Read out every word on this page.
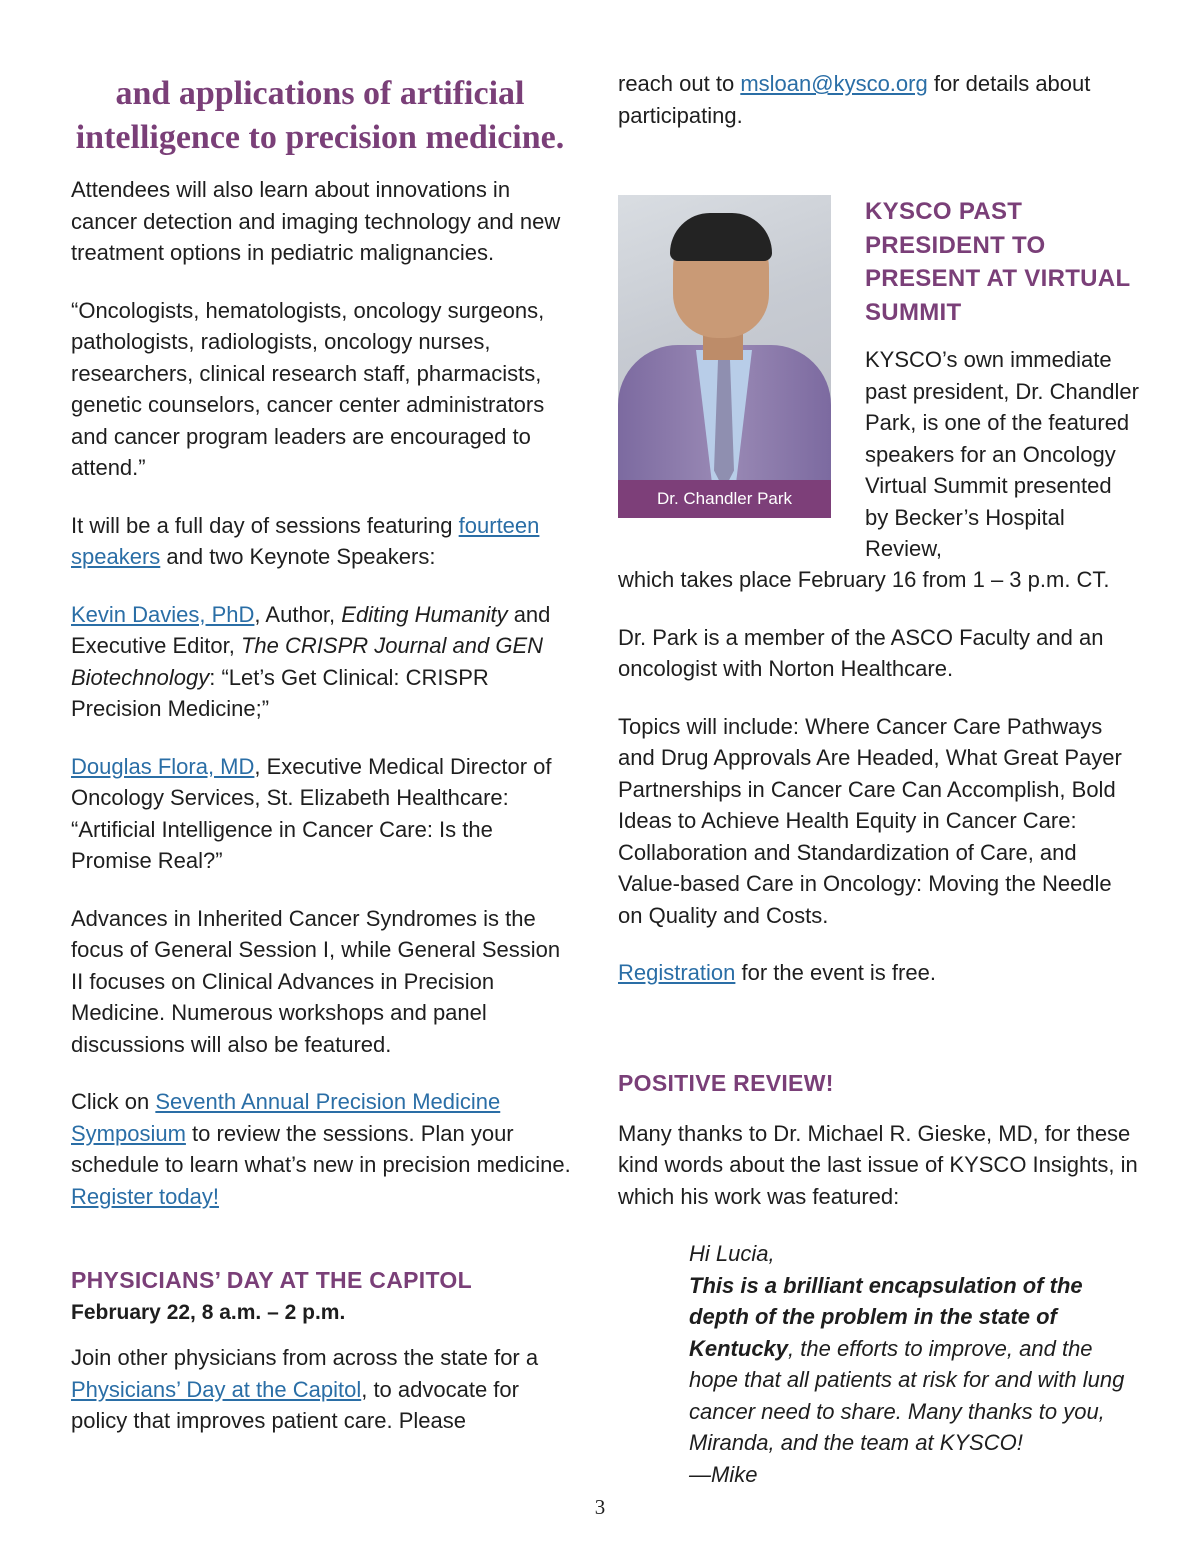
and applications of artificial intelligence to precision medicine.

Attendees will also learn about innovations in cancer detection and imaging technology and new treatment options in pediatric malignancies.

“Oncologists, hematologists, oncology surgeons, pathologists, radiologists, oncology nurses, researchers, clinical research staff, pharmacists, genetic counselors, cancer center administrators and cancer program leaders are encouraged to attend.”

It will be a full day of sessions featuring fourteen speakers and two Keynote Speakers:

Kevin Davies, PhD, Author, Editing Humanity and Executive Editor, The CRISPR Journal and GEN Biotechnology: “Let’s Get Clinical: CRISPR Precision Medicine;”

Douglas Flora, MD, Executive Medical Director of Oncology Services, St. Elizabeth Healthcare: “Artificial Intelligence in Cancer Care: Is the Promise Real?”

Advances in Inherited Cancer Syndromes is the focus of General Session I, while General Session II focuses on Clinical Advances in Precision Medicine. Numerous workshops and panel discussions will also be featured.

Click on Seventh Annual Precision Medicine Symposium to review the sessions. Plan your schedule to learn what’s new in precision medicine. Register today!

PHYSICIANS’ DAY AT THE CAPITOL
February 22, 8 a.m. – 2 p.m.

Join other physicians from across the state for a Physicians’ Day at the Capitol, to advocate for policy that improves patient care. Please

reach out to msloan@kysco.org for details about participating.

Dr. Chandler Park
KYSCO PAST PRESIDENT TO PRESENT AT VIRTUAL SUMMIT
KYSCO’s own immediate past president, Dr. Chandler Park, is one of the featured speakers for an Oncology Virtual Summit presented by Becker’s Hospital Review,

which takes place February 16 from 1 – 3 p.m. CT.

Dr. Park is a member of the ASCO Faculty and an oncologist with Norton Healthcare.

Topics will include: Where Cancer Care Pathways and Drug Approvals Are Headed, What Great Payer Partnerships in Cancer Care Can Accomplish, Bold Ideas to Achieve Health Equity in Cancer Care: Collaboration and Standardization of Care, and Value-based Care in Oncology: Moving the Needle on Quality and Costs.

Registration for the event is free.

POSITIVE REVIEW!

Many thanks to Dr. Michael R. Gieske, MD, for these kind words about the last issue of KYSCO Insights, in which his work was featured:

Hi Lucia,
This is a brilliant encapsulation of the depth of the problem in the state of Kentucky, the efforts to improve, and the hope that all patients at risk for and with lung cancer need to share. Many thanks to you, Miranda, and the team at KYSCO!
—Mike
3
